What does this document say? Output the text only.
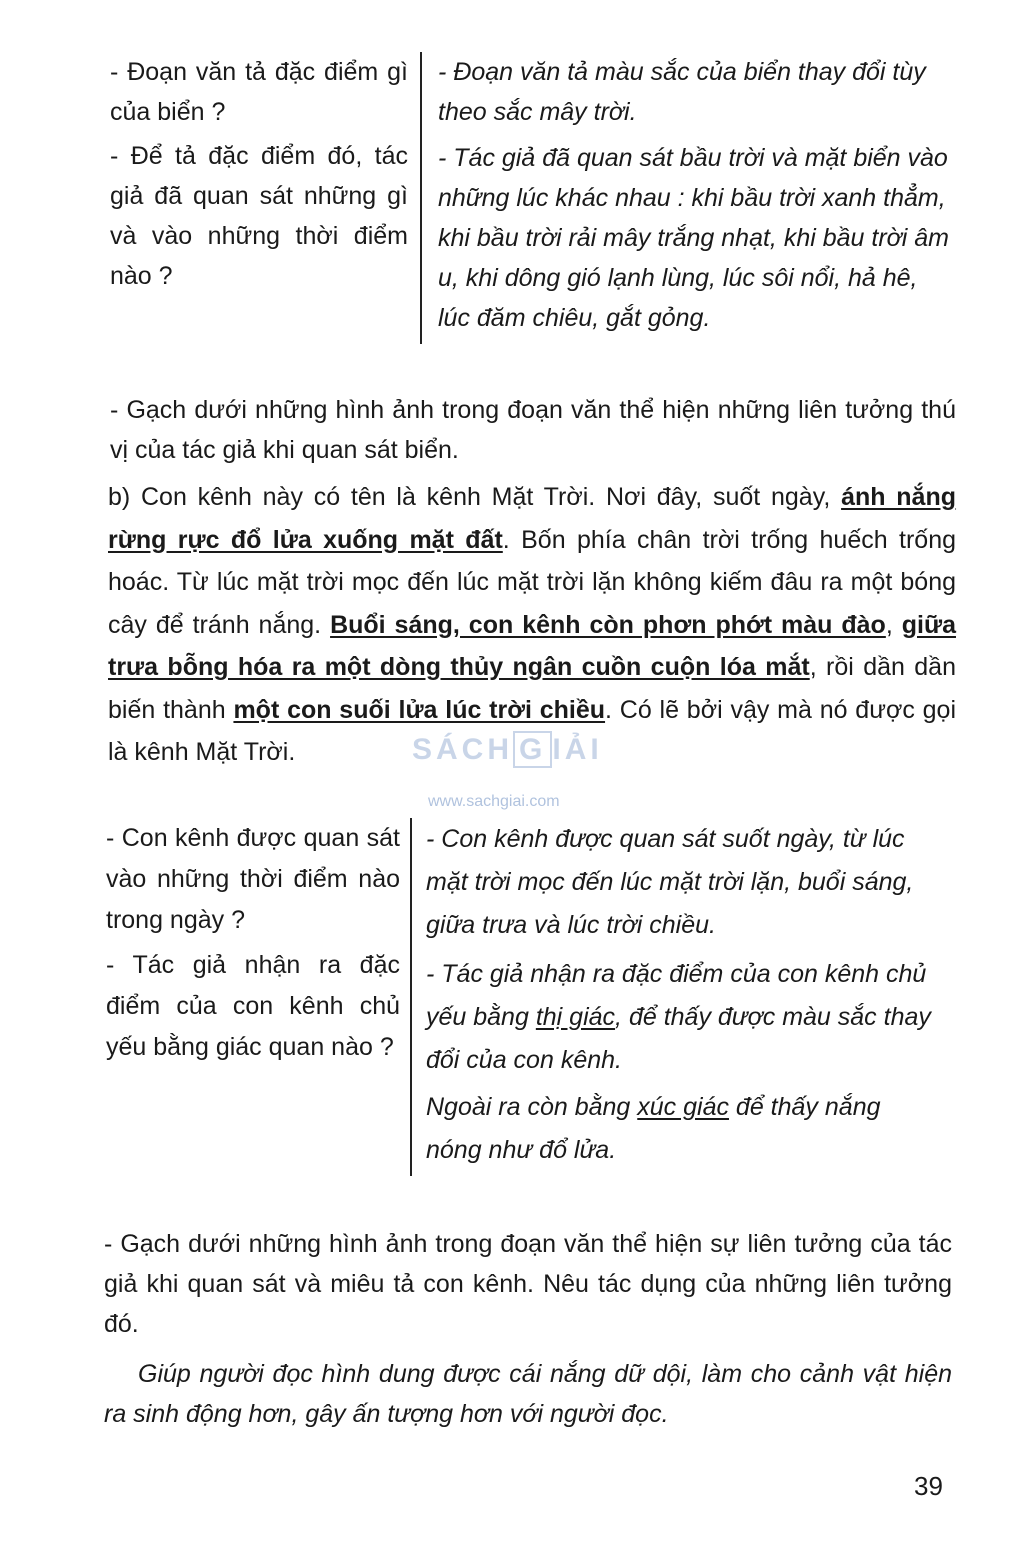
- Đoạn văn tả đặc điểm gì của biển ?

- Để tả đặc điểm đó, tác giả đã quan sát những gì và vào những thời điểm nào ?

- Đoạn văn tả màu sắc của biển thay đổi tùy theo sắc mây trời.

- Tác giả đã quan sát bầu trời và mặt biển vào những lúc khác nhau : khi bầu trời xanh thẳm, khi bầu trời rải mây trắng nhạt, khi bầu trời âm u, khi dông gió lạnh lùng, lúc sôi nổi, hả hê, lúc đăm chiêu, gắt gỏng.

- Gạch dưới những hình ảnh trong đoạn văn thể hiện những liên tưởng thú vị của tác giả khi quan sát biển.

b) Con kênh này có tên là kênh Mặt Trời. Nơi đây, suốt ngày, ánh nắng rừng rực đổ lửa xuống mặt đất. Bốn phía chân trời trống huếch trống hoác. Từ lúc mặt trời mọc đến lúc mặt trời lặn không kiếm đâu ra một bóng cây để tránh nắng. Buổi sáng, con kênh còn phơn phớt màu đào, giữa trưa bỗng hóa ra một dòng thủy ngân cuồn cuộn lóa mắt, rồi dần dần biến thành một con suối lửa lúc trời chiều. Có lẽ bởi vậy mà nó được gọi là kênh Mặt Trời.	SÁCH G IẢI
www.sachgiai.com

- Con kênh được quan sát vào những thời điểm nào trong ngày ?

- Tác giả nhận ra đặc điểm của con kênh chủ yếu bằng giác quan nào ?

- Con kênh được quan sát suốt ngày, từ lúc mặt trời mọc đến lúc mặt trời lặn, buổi sáng, giữa trưa và lúc trời chiều.

- Tác giả nhận ra đặc điểm của con kênh chủ yếu bằng thị giác, để thấy được màu sắc thay đổi của con kênh.

Ngoài ra còn bằng xúc giác để thấy nắng nóng như đổ lửa.

- Gạch dưới những hình ảnh trong đoạn văn thể hiện sự liên tưởng của tác giả khi quan sát và miêu tả con kênh. Nêu tác dụng của những liên tưởng đó.

Giúp người đọc hình dung được cái nắng dữ dội, làm cho cảnh vật hiện ra sinh động hơn, gây ấn tượng hơn với người đọc.

39
